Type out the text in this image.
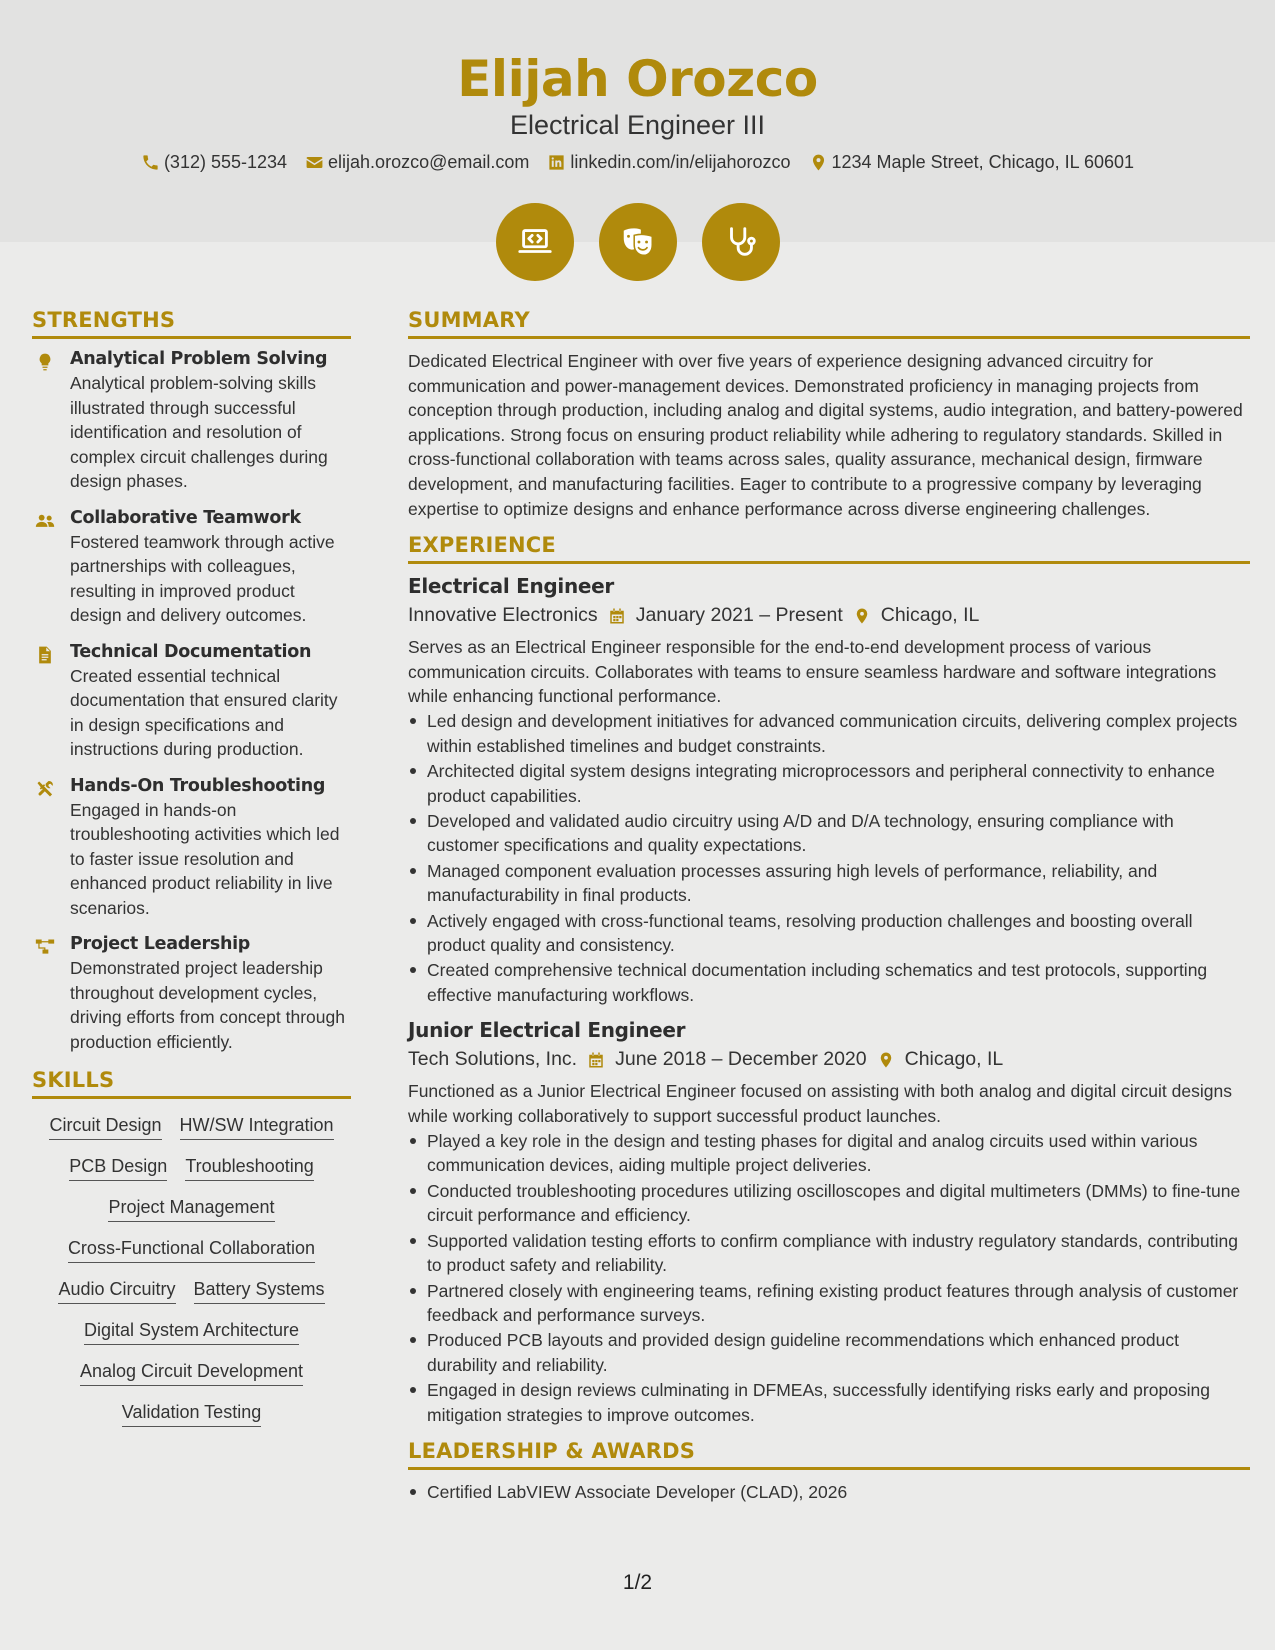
Elijah Orozco
Electrical Engineer III
(312) 555-1234 elijah.orozco@email.com linkedin.com/in/elijahorozco 1234 Maple Street, Chicago, IL 60601
STRENGTHS
Analytical Problem Solving
Analytical problem-solving skills illustrated through successful identification and resolution of complex circuit challenges during design phases.
Collaborative Teamwork
Fostered teamwork through active partnerships with colleagues, resulting in improved product design and delivery outcomes.
Technical Documentation
Created essential technical documentation that ensured clarity in design specifications and instructions during production.
Hands-On Troubleshooting
Engaged in hands-on troubleshooting activities which led to faster issue resolution and enhanced product reliability in live scenarios.
Project Leadership
Demonstrated project leadership throughout development cycles, driving efforts from concept through production efficiently.
SKILLS
Circuit Design HW/SW Integration
PCB Design Troubleshooting
Project Management
Cross-Functional Collaboration
Audio Circuitry Battery Systems
Digital System Architecture
Analog Circuit Development
Validation Testing
SUMMARY
Dedicated Electrical Engineer with over five years of experience designing advanced circuitry for communication and power-management devices. Demonstrated proficiency in managing projects from conception through production, including analog and digital systems, audio integration, and battery-powered applications. Strong focus on ensuring product reliability while adhering to regulatory standards. Skilled in cross-functional collaboration with teams across sales, quality assurance, mechanical design, firmware development, and manufacturing facilities. Eager to contribute to a progressive company by leveraging expertise to optimize designs and enhance performance across diverse engineering challenges.
EXPERIENCE
Electrical Engineer
Innovative Electronics January 2021 – Present Chicago, IL
Serves as an Electrical Engineer responsible for the end-to-end development process of various communication circuits. Collaborates with teams to ensure seamless hardware and software integrations while enhancing functional performance.
Led design and development initiatives for advanced communication circuits, delivering complex projects within established timelines and budget constraints.
Architected digital system designs integrating microprocessors and peripheral connectivity to enhance product capabilities.
Developed and validated audio circuitry using A/D and D/A technology, ensuring compliance with customer specifications and quality expectations.
Managed component evaluation processes assuring high levels of performance, reliability, and manufacturability in final products.
Actively engaged with cross-functional teams, resolving production challenges and boosting overall product quality and consistency.
Created comprehensive technical documentation including schematics and test protocols, supporting effective manufacturing workflows.
Junior Electrical Engineer
Tech Solutions, Inc. June 2018 – December 2020 Chicago, IL
Functioned as a Junior Electrical Engineer focused on assisting with both analog and digital circuit designs while working collaboratively to support successful product launches.
Played a key role in the design and testing phases for digital and analog circuits used within various communication devices, aiding multiple project deliveries.
Conducted troubleshooting procedures utilizing oscilloscopes and digital multimeters (DMMs) to fine-tune circuit performance and efficiency.
Supported validation testing efforts to confirm compliance with industry regulatory standards, contributing to product safety and reliability.
Partnered closely with engineering teams, refining existing product features through analysis of customer feedback and performance surveys.
Produced PCB layouts and provided design guideline recommendations which enhanced product durability and reliability.
Engaged in design reviews culminating in DFMEAs, successfully identifying risks early and proposing mitigation strategies to improve outcomes.
LEADERSHIP & AWARDS
Certified LabVIEW Associate Developer (CLAD), 2026
1/2
